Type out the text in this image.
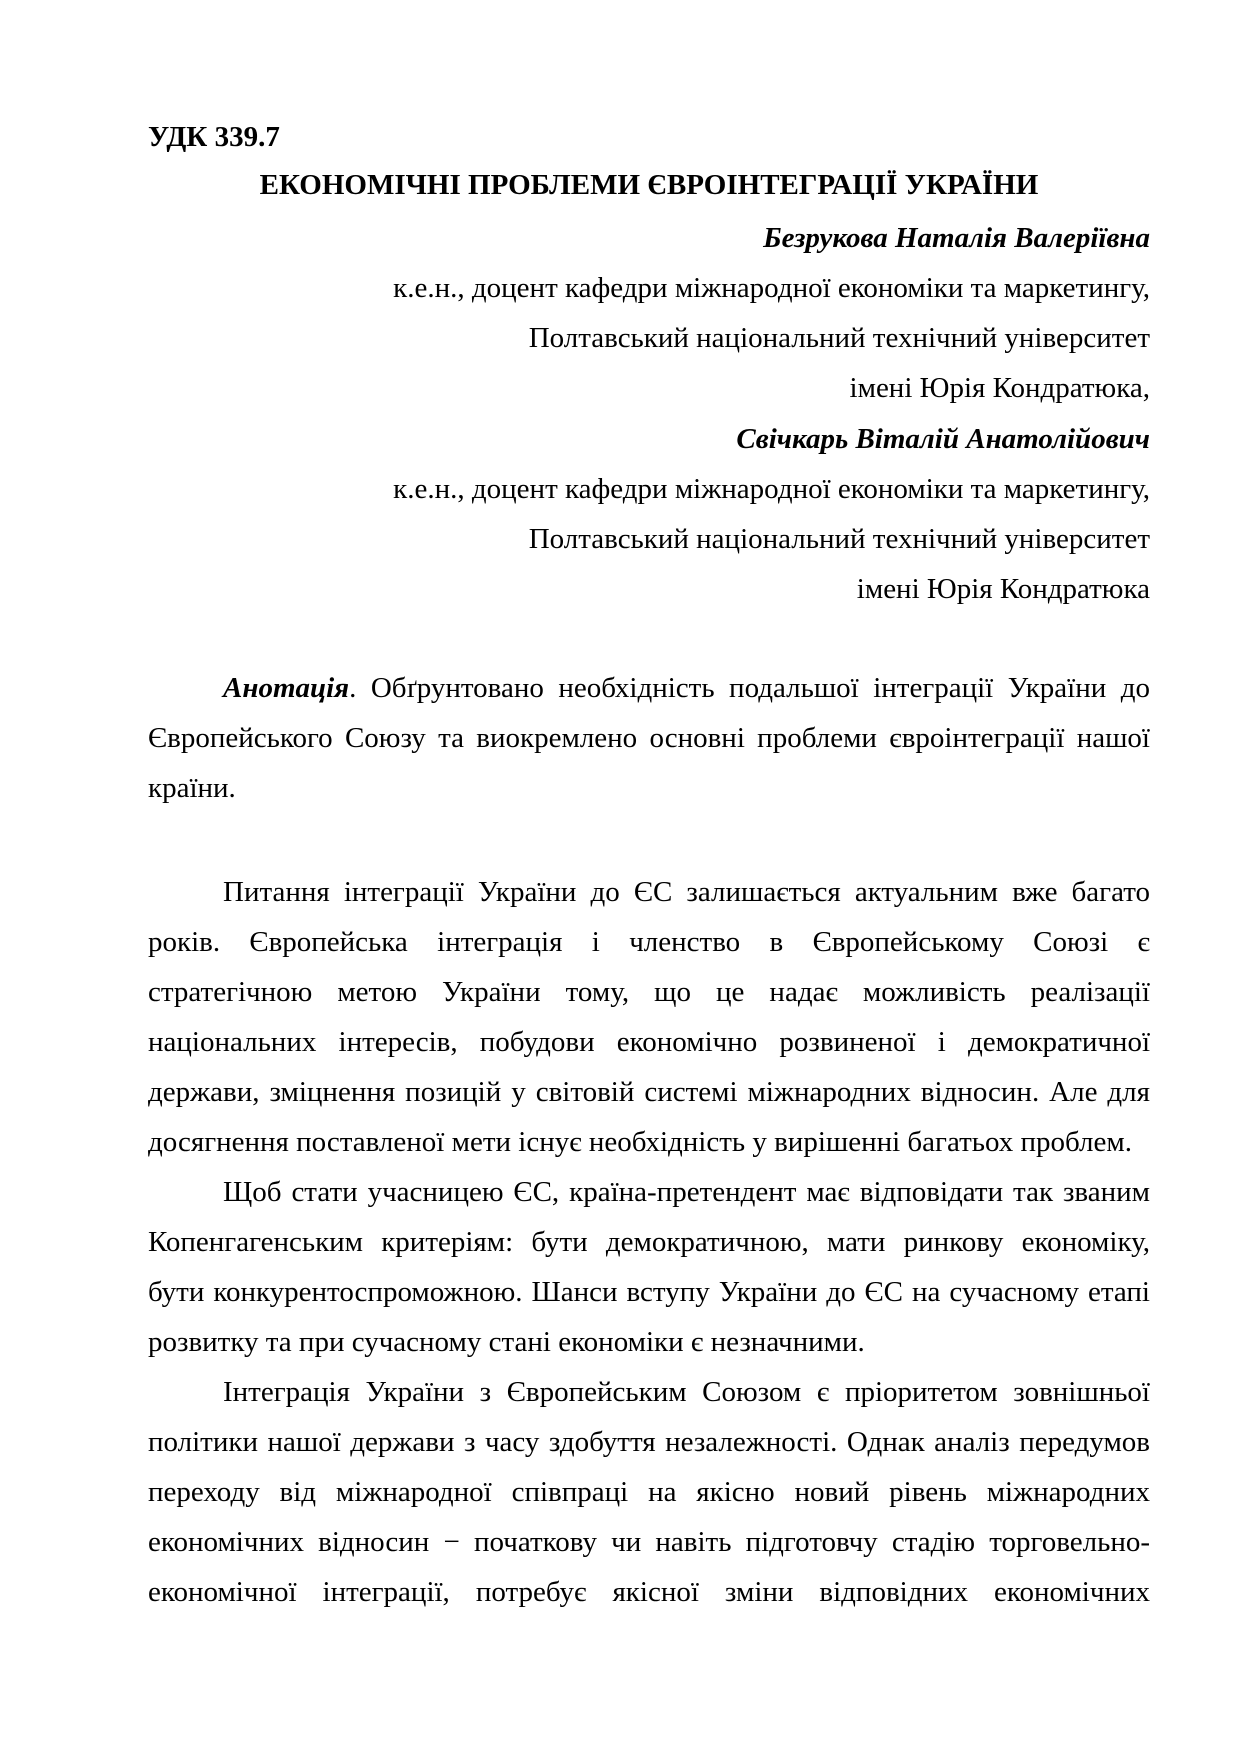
УДК 339.7
ЕКОНОМІЧНІ ПРОБЛЕМИ ЄВРОІНТЕГРАЦІЇ УКРАЇНИ
Безрукова Наталія Валеріївна
к.е.н., доцент кафедри міжнародної економіки та маркетингу,
Полтавський національний технічний університет
імені Юрія Кондратюка,
Свічкарь Віталій Анатолійович
к.е.н., доцент кафедри міжнародної економіки та маркетингу,
Полтавський національний технічний університет
імені Юрія Кондратюка
Анотація. Обґрунтовано необхідність подальшої інтеграції України до
Європейського Союзу та виокремлено основні проблеми євроінтеграції нашої
країни.
Питання інтеграції України до ЄС залишається актуальним вже багато
років. Європейська інтеграція і членство в Європейському Союзі є
стратегічною метою України тому, що це надає можливість реалізації
національних інтересів, побудови економічно розвиненої і демократичної
держави, зміцнення позицій у світовій системі міжнародних відносин. Але для
досягнення поставленої мети існує необхідність у вирішенні багатьох проблем.
Щоб стати учасницею ЄС, країна-претендент має відповідати так званим
Копенгагенським критеріям: бути демократичною, мати ринкову економіку,
бути конкурентоспроможною. Шанси вступу України до ЄС на сучасному етапі
розвитку та при сучасному стані економіки є незначними.
Інтеграція України з Європейським Союзом є пріоритетом зовнішньої
політики нашої держави з часу здобуття незалежності. Однак аналіз передумов
переходу від міжнародної співпраці на якісно новий рівень міжнародних
економічних відносин − початкову чи навіть підготовчу стадію торговельно-
економічної інтеграції, потребує якісної зміни відповідних економічних
